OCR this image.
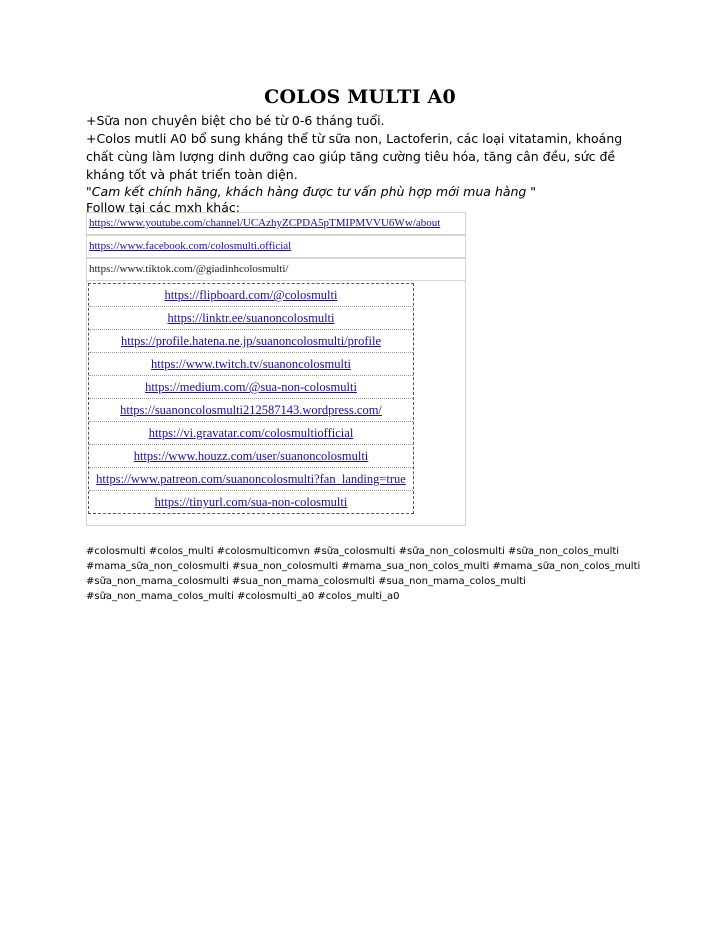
COLOS MULTI A0
+Sữa non chuyên biệt cho bé từ 0-6 tháng tuổi.
+Colos mutli A0 bổ sung kháng thể từ sữa non, Lactoferin, các loại vitatamin, khoáng chất cùng làm lượng dinh dưỡng cao giúp tăng cường tiêu hóa, tăng cân đều, sức đề kháng tốt và phát triển toàn diện.
"Cam kết chính hãng, khách hàng được tư vấn phù hợp mới mua hàng "
Follow tại các mxh khác:
https://www.youtube.com/channel/UCAzhyZCPDA5pTMIPMVVU6Ww/about
https://www.facebook.com/colosmulti.official
https://www.tiktok.com/@giadinhcolosmulti/
https://flipboard.com/@colosmulti
https://linktr.ee/suanoncolosmulti
https://profile.hatena.ne.jp/suanoncolosmulti/profile
https://www.twitch.tv/suanoncolosmulti
https://medium.com/@sua-non-colosmulti
https://suanoncolosmulti212587143.wordpress.com/
https://vi.gravatar.com/colosmultiofficial
https://www.houzz.com/user/suanoncolosmulti
https://www.patreon.com/suanoncolosmulti?fan_landing=true
https://tinyurl.com/sua-non-colosmulti
#colosmulti #colos_multi #colosmulticomvn #sữa_colosmulti #sữa_non_colosmulti #sữa_non_colos_multi #mama_sữa_non_colosmulti #sua_non_colosmulti #mama_sua_non_colos_multi #mama_sữa_non_colos_multi #sữa_non_mama_colosmulti #sua_non_mama_colosmulti #sua_non_mama_colos_multi #sữa_non_mama_colos_multi #colosmulti_a0 #colos_multi_a0
